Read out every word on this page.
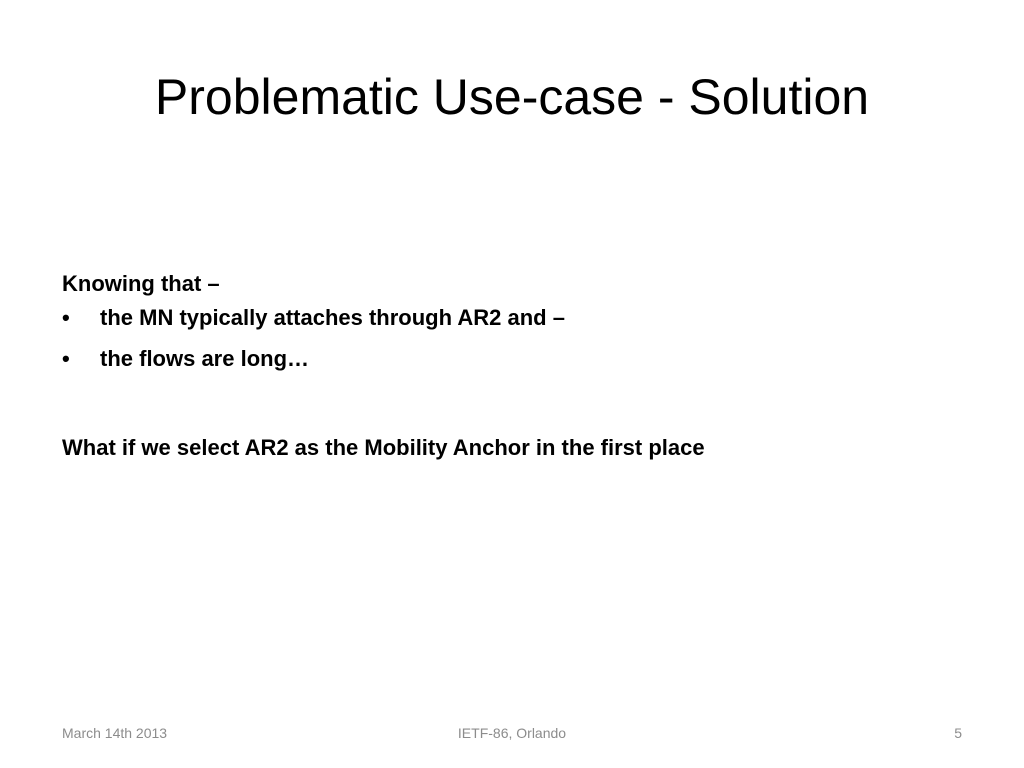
Problematic Use-case - Solution
Knowing that –
•	the MN typically attaches through AR2 and –
•	the flows are long…
What if we select AR2 as the Mobility Anchor in the first place
March 14th 2013	IETF-86, Orlando	5
